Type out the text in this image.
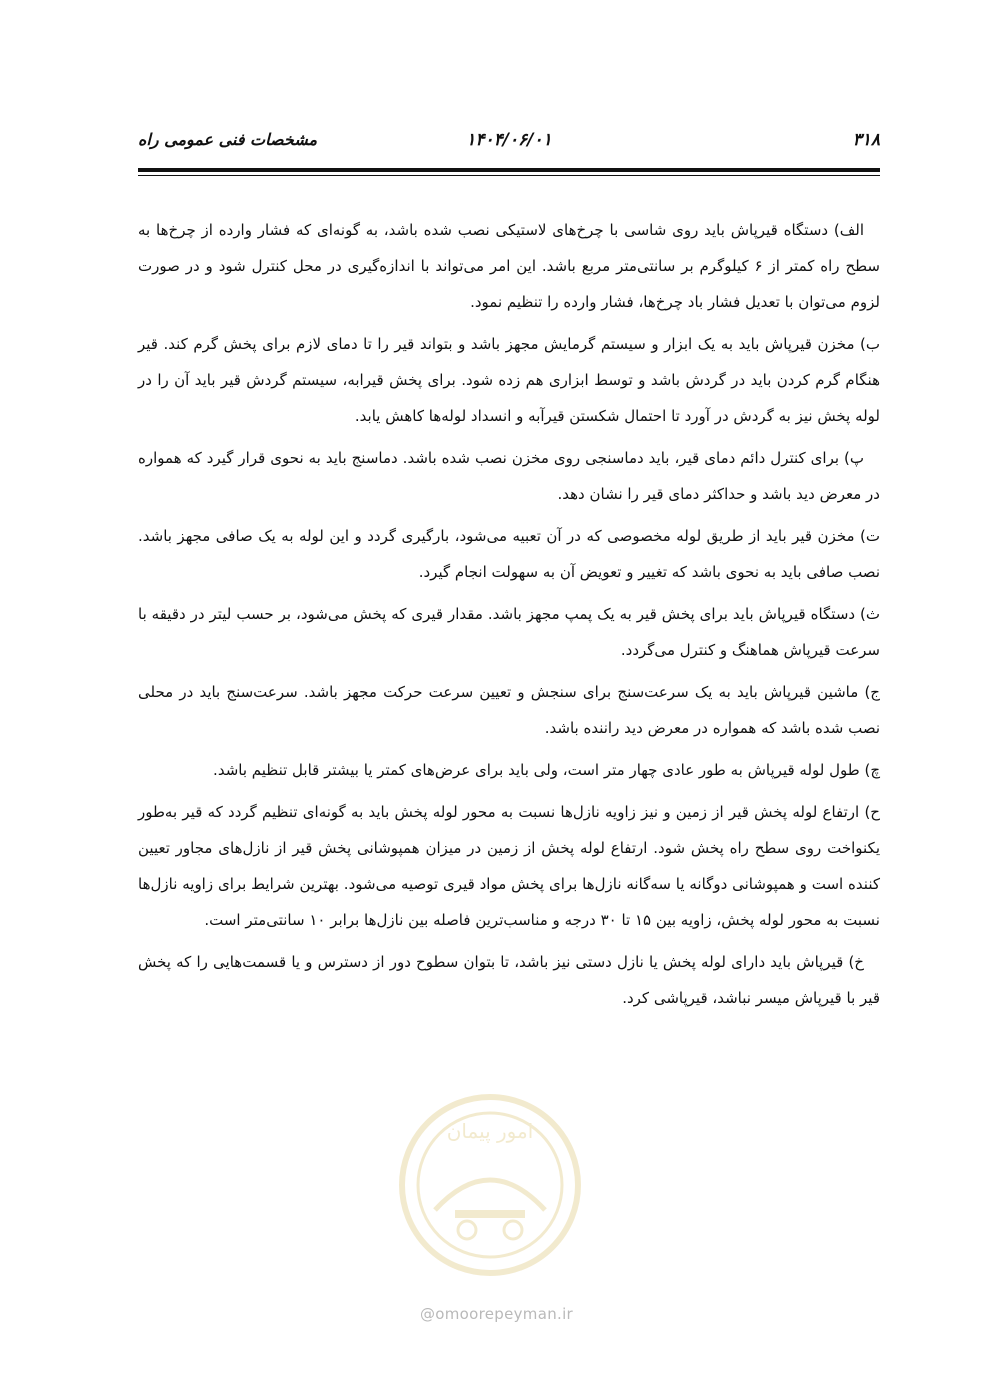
۳۱۸
۱۴۰۴/۰۶/۰۱
مشخصات فنی عمومی راه

الف) دستگاه قیرپاش باید روی شاسی با چرخ‌های لاستیکی نصب شده باشد، به گونه‌ای که فشار وارده از چرخ‌ها به سطح راه کمتر از ۶ کیلوگرم بر سانتی‌متر مربع باشد. این امر می‌تواند با اندازه‌گیری در محل کنترل شود و در صورت لزوم می‌توان با تعدیل فشار باد چرخ‌ها، فشار وارده را تنظیم نمود.

ب) مخزن قیرپاش باید به یک ابزار و سیستم گرمایش مجهز باشد و بتواند قیر را تا دمای لازم برای پخش گرم کند. قیر هنگام گرم کردن باید در گردش باشد و توسط ابزاری هم زده شود. برای پخش قیرابه، سیستم گردش قیر باید آن را در لوله پخش نیز به گردش در آورد تا احتمال شکستن قیرآبه و انسداد لوله‌ها کاهش یابد.

پ) برای کنترل دائم دمای قیر، باید دماسنجی روی مخزن نصب شده باشد. دماسنج باید به نحوی قرار گیرد که همواره در معرض دید باشد و حداکثر دمای قیر را نشان دهد.

ت) مخزن قیر باید از طریق لوله مخصوصی که در آن تعبیه می‌شود، بارگیری گردد و این لوله به یک صافی مجهز باشد. نصب صافی باید به نحوی باشد که تغییر و تعویض آن به سهولت انجام گیرد.

ث) دستگاه قیرپاش باید برای پخش قیر به یک پمپ مجهز باشد. مقدار قیری که پخش می‌شود، بر حسب لیتر در دقیقه با سرعت قیرپاش هماهنگ و کنترل می‌گردد.

ج) ماشین قیرپاش باید به یک سرعت‌سنج برای سنجش و تعیین سرعت حرکت مجهز باشد. سرعت‌سنج باید در محلی نصب شده باشد که همواره در معرض دید راننده باشد.

چ) طول لوله قیرپاش به طور عادی چهار متر است، ولی باید برای عرض‌های کمتر یا بیشتر قابل تنظیم باشد.

ح) ارتفاع لوله پخش قیر از زمین و نیز زاویه نازل‌ها نسبت به محور لوله پخش باید به گونه‌ای تنظیم گردد که قیر به‌طور یکنواخت روی سطح راه پخش شود. ارتفاع لوله پخش از زمین در میزان همپوشانی پخش قیر از نازل‌های مجاور تعیین کننده است و همپوشانی دوگانه یا سه‌گانه نازل‌ها برای پخش مواد قیری توصیه می‌شود. بهترین شرایط برای زاویه نازل‌ها نسبت به محور لوله پخش، زاویه بین ۱۵ تا ۳۰ درجه و مناسب‌ترین فاصله بین نازل‌ها برابر ۱۰ سانتی‌متر است.

خ) قیرپاش باید دارای لوله پخش یا نازل دستی نیز باشد، تا بتوان سطوح دور از دسترس و یا قسمت‌هایی را که پخش قیر با قیرپاش میسر نباشد، قیرپاشی کرد.

امور پیمان
@omoorepeyman.ir
